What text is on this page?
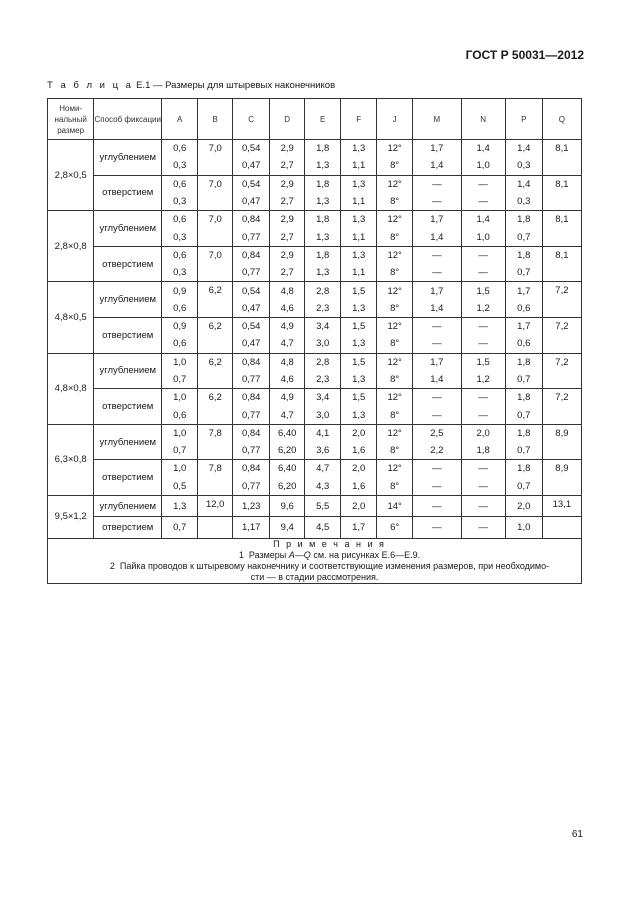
ГОСТ Р 50031—2012
Т а б л и ц а Е.1 — Размеры для штыревых наконечников
Номи-нальный размер	Способ фиксации	A	B	C	D	E	F	J	M	N	P	Q
2,8×0,5	углублением	0,6	7,0	0,54	2,9	1,8	1,3	12°	1,7	1,4	1,4	8,1
		0,3		0,47	2,7	1,3	1,1	8°	1,4	1,0	0,3	
	отверстием	0,6	7,0	0,54	2,9	1,8	1,3	12°	—	—	1,4	8,1
		0,3		0,47	2,7	1,3	1,1	8°	—	—	0,3	
2,8×0,8	углублением	0,6	7,0	0,84	2,9	1,8	1,3	12°	1,7	1,4	1,8	8,1
		0,3		0,77	2,7	1,3	1,1	8°	1,4	1,0	0,7	
	отверстием	0,6	7,0	0,84	2,9	1,8	1,3	12°	—	—	1,8	8,1
		0,3		0,77	2,7	1,3	1,1	8°	—	—	0,7	
4,8×0,5	углублением	0,9	6,2	0,54	4,8	2,8	1,5	12°	1,7	1,5	1,7	7,2
		0,6		0,47	4,6	2,3	1,3	8°	1,4	1,2	0,6	
	отверстием	0,9	6,2	0,54	4,9	3,4	1,5	12°	—	—	1,7	7,2
		0,6		0,47	4,7	3,0	1,3	8°	—	—	0,6	
4,8×0,8	углублением	1,0	6,2	0,84	4,8	2,8	1,5	12°	1,7	1,5	1,8	7,2
		0,7		0,77	4,6	2,3	1,3	8°	1,4	1,2	0,7	
	отверстием	1,0	6,2	0,84	4,9	3,4	1,5	12°	—	—	1,8	7,2
		0,6		0,77	4,7	3,0	1,3	8°	—	—	0,7	
6,3×0,8	углублением	1,0	7,8	0,84	6,40	4,1	2,0	12°	2,5	2,0	1,8	8,9
		0,7		0,77	6,20	3,6	1,6	8°	2,2	1,8	0,7	
	отверстием	1,0	7,8	0,84	6,40	4,7	2,0	12°	—	—	1,8	8,9
		0,5		0,77	6,20	4,3	1,6	8°	—	—	0,7	
9,5×1,2	углублением	1,3	12,0	1,23	9,6	5,5	2,0	14°	—	—	2,0	13,1
	отверстием	0,7		1,17	9,4	4,5	1,7	6°	—	—	1,0	

П р и м е ч а н и я
1 Размеры A—Q см. на рисунках Е.6—Е.9.
2 Пайка проводов к штыревому наконечнику и соответствующие изменения размеров, при необходимо-
сти — в стадии рассмотрения.												
61
